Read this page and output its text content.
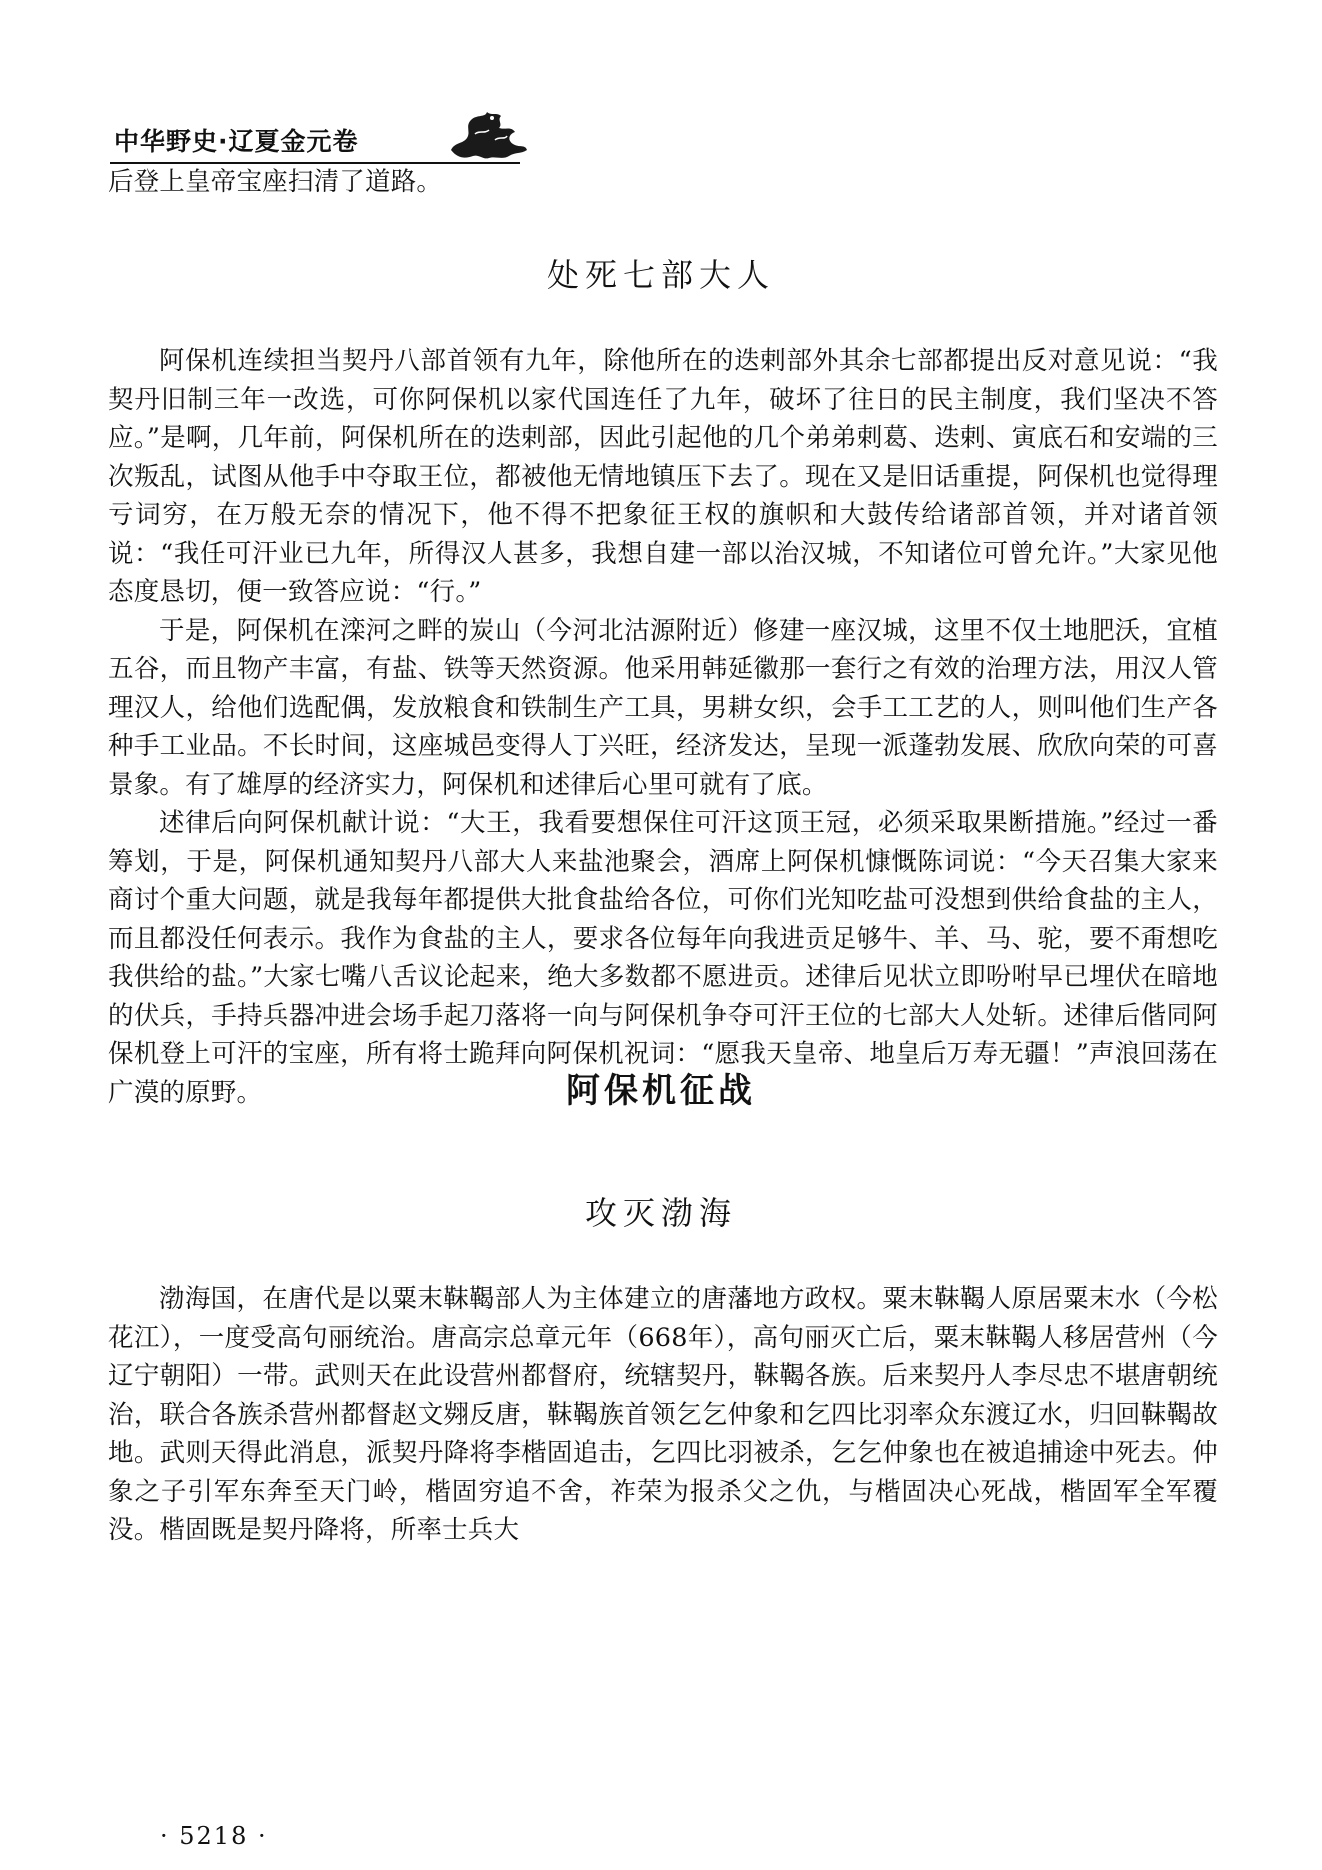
中华野史·辽夏金元卷

后登上皇帝宝座扫清了道路。

处死七部大人

阿保机连续担当契丹八部首领有九年，除他所在的迭剌部外其余七部都提出反对意见说：“我契丹旧制三年一改选，可你阿保机以家代国连任了九年，破坏了往日的民主制度，我们坚决不答应。”是啊，几年前，阿保机所在的迭剌部，因此引起他的几个弟弟剌葛、迭剌、寅底石和安端的三次叛乱，试图从他手中夺取王位，都被他无情地镇压下去了。现在又是旧话重提，阿保机也觉得理亏词穷，在万般无奈的情况下，他不得不把象征王权的旗帜和大鼓传给诸部首领，并对诸首领说：“我任可汗业已九年，所得汉人甚多，我想自建一部以治汉城，不知诸位可曾允许。”大家见他态度恳切，便一致答应说：“行。”

于是，阿保机在滦河之畔的炭山（今河北沽源附近）修建一座汉城，这里不仅土地肥沃，宜植五谷，而且物产丰富，有盐、铁等天然资源。他采用韩延徽那一套行之有效的治理方法，用汉人管理汉人，给他们选配偶，发放粮食和铁制生产工具，男耕女织，会手工工艺的人，则叫他们生产各种手工业品。不长时间，这座城邑变得人丁兴旺，经济发达，呈现一派蓬勃发展、欣欣向荣的可喜景象。有了雄厚的经济实力，阿保机和述律后心里可就有了底。

述律后向阿保机献计说：“大王，我看要想保住可汗这顶王冠，必须采取果断措施。”经过一番筹划，于是，阿保机通知契丹八部大人来盐池聚会，酒席上阿保机慷慨陈词说：“今天召集大家来商讨个重大问题，就是我每年都提供大批食盐给各位，可你们光知吃盐可没想到供给食盐的主人，而且都没任何表示。我作为食盐的主人，要求各位每年向我进贡足够牛、羊、马、驼，要不甭想吃我供给的盐。”大家七嘴八舌议论起来，绝大多数都不愿进贡。述律后见状立即吩咐早已埋伏在暗地的伏兵，手持兵器冲进会场手起刀落将一向与阿保机争夺可汗王位的七部大人处斩。述律后偕同阿保机登上可汗的宝座，所有将士跪拜向阿保机祝词：“愿我天皇帝、地皇后万寿无疆！”声浪回荡在广漠的原野。	阿保机征战
攻灭渤海

渤海国，在唐代是以粟末靺鞨部人为主体建立的唐藩地方政权。粟末靺鞨人原居粟末水（今松花江），一度受高句丽统治。唐高宗总章元年（668年），高句丽灭亡后，粟末靺鞨人移居营州（今辽宁朝阳）一带。武则天在此设营州都督府，统辖契丹，靺鞨各族。后来契丹人李尽忠不堪唐朝统治，联合各族杀营州都督赵文翙反唐，靺鞨族首领乞乞仲象和乞四比羽率众东渡辽水，归回靺鞨故地。武则天得此消息，派契丹降将李楷固追击，乞四比羽被杀，乞乞仲象也在被追捕途中死去。仲象之子引军东奔至天门岭，楷固穷追不舍，祚荣为报杀父之仇，与楷固决心死战，楷固军全军覆没。楷固既是契丹降将，所率士兵大

· 5218 ·
